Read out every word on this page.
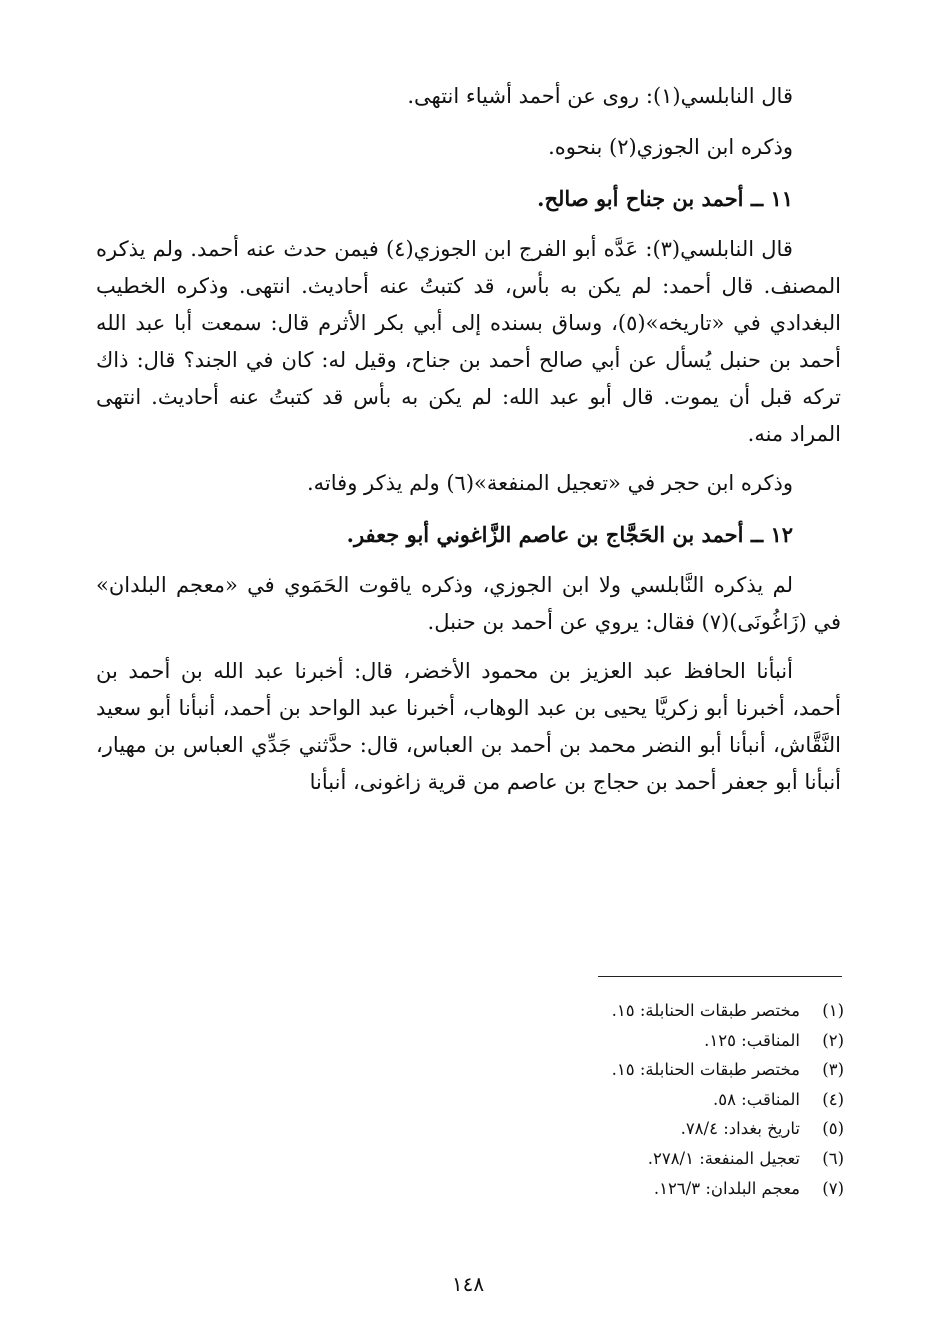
قال النابلسي(١): روى عن أحمد أشياء انتهى.

وذكره ابن الجوزي(٢) بنحوه.

١١ ــ أحمد بن جناح أبو صالح.

قال النابلسي(٣): عَدَّه أبو الفرج ابن الجوزي(٤) فيمن حدث عنه أحمد. ولم يذكره المصنف. قال أحمد: لم يكن به بأس، قد كتبتُ عنه أحاديث. انتهى. وذكره الخطيب البغدادي في «تاريخه»(٥)، وساق بسنده إلى أبي بكر الأثرم قال: سمعت أبا عبد الله أحمد بن حنبل يُسأل عن أبي صالح أحمد بن جناح، وقيل له: كان في الجند؟ قال: ذاك تركه قبل أن يموت. قال أبو عبد الله: لم يكن به بأس قد كتبتُ عنه أحاديث. انتهى المراد منه.

وذكره ابن حجر في «تعجيل المنفعة»(٦) ولم يذكر وفاته.

١٢ ــ أحمد بن الحَجَّاج بن عاصم الزَّاغوني أبو جعفر.

لم يذكره النَّابلسي ولا ابن الجوزي، وذكره ياقوت الحَمَوي في «معجم البلدان» في (زَاغُونَى)(٧) فقال: يروي عن أحمد بن حنبل.

أنبأنا الحافظ عبد العزيز بن محمود الأخضر، قال: أخبرنا عبد الله بن أحمد بن أحمد، أخبرنا أبو زكريَّا يحيى بن عبد الوهاب، أخبرنا عبد الواحد بن أحمد، أنبأنا أبو سعيد النَّقَّاش، أنبأنا أبو النضر محمد بن أحمد بن العباس، قال: حدَّثني جَدِّي العباس بن مهيار، أنبأنا أبو جعفر أحمد بن حجاج بن عاصم من قرية زاغونى، أنبأنا

(١)مختصر طبقات الحنابلة: ١٥.
(٢)المناقب: ١٢٥.
(٣)مختصر طبقات الحنابلة: ١٥.
(٤)المناقب: ٥٨.
(٥)تاريخ بغداد: ٧٨/٤.
(٦)تعجيل المنفعة: ٢٧٨/١.
(٧)معجم البلدان: ١٢٦/٣.
١٤٨
